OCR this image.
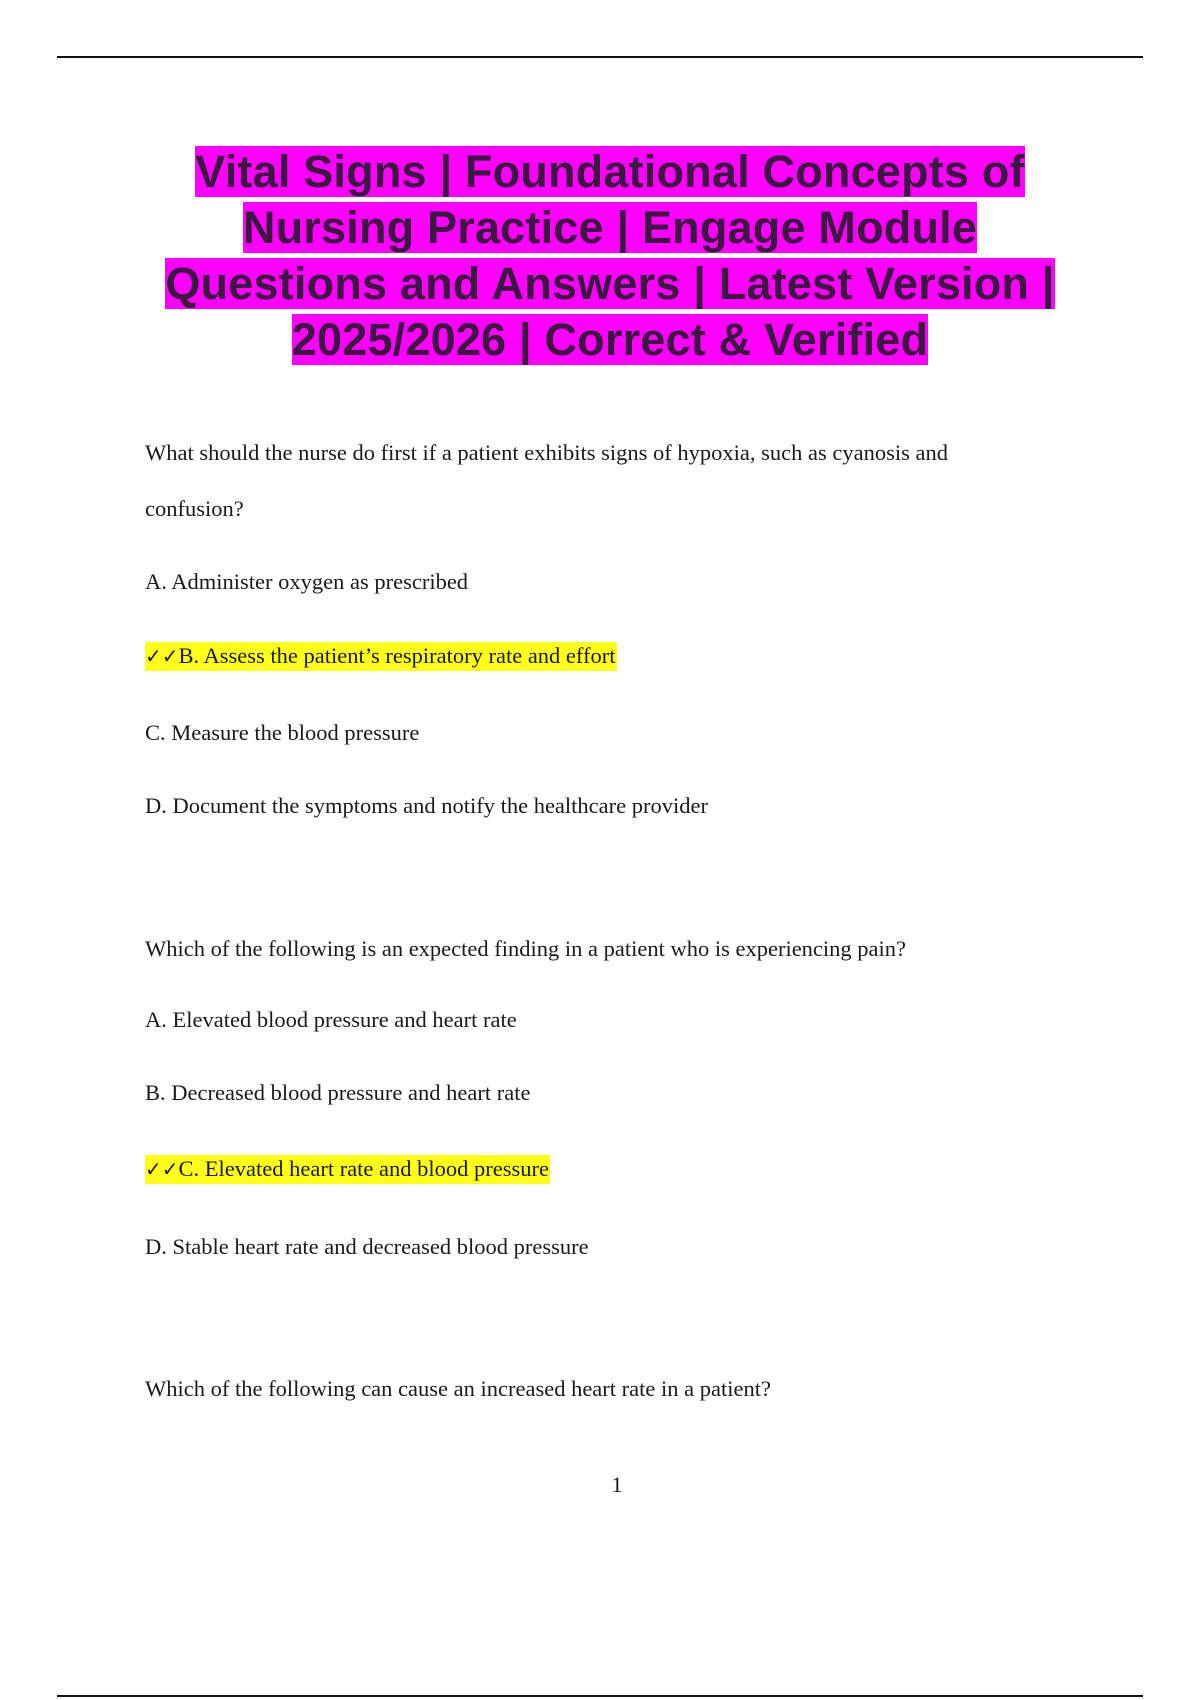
Vital Signs | Foundational Concepts of Nursing Practice | Engage Module Questions and Answers | Latest Version | 2025/2026 | Correct & Verified

What should the nurse do first if a patient exhibits signs of hypoxia, such as cyanosis and

confusion?

A. Administer oxygen as prescribed

✓✓B. Assess the patient’s respiratory rate and effort

C. Measure the blood pressure

D. Document the symptoms and notify the healthcare provider

Which of the following is an expected finding in a patient who is experiencing pain?

A. Elevated blood pressure and heart rate

B. Decreased blood pressure and heart rate

✓✓C. Elevated heart rate and blood pressure

D. Stable heart rate and decreased blood pressure

Which of the following can cause an increased heart rate in a patient?

1
